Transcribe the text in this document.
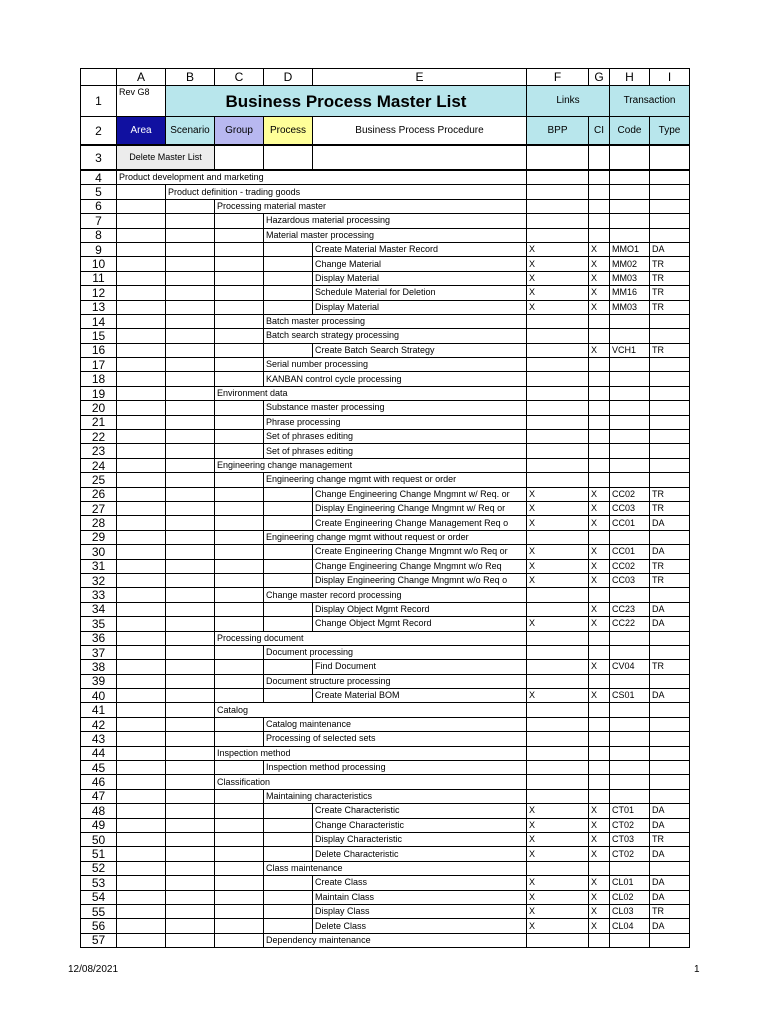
	A	B	C	D	E	F	G	H	I
1	Rev G8	Business Process Master List				Links		Transaction	
2	Area	Scenario	Group	Process	Business Process Procedure	BPP	CI	Code	Type
3	Delete Master List								
4	Product development and marketing								
5		Product definition - trading goods							
6			Processing material master						
7				Hazardous material processing					
8				Material master processing					
9					Create Material Master Record	X	X	MMO1	DA
10					Change Material	X	X	MM02	TR
11					Display Material	X	X	MM03	TR
12					Schedule Material for Deletion	X	X	MM16	TR
13					Display Material	X	X	MM03	TR
14				Batch master processing					
15				Batch search strategy processing					
16					Create Batch Search Strategy		X	VCH1	TR
17				Serial number processing					
18				KANBAN control cycle processing					
19			Environment data						
20				Substance master processing					
21				Phrase processing					
22				Set of phrases editing					
23				Set of phrases editing					
24			Engineering change management						
25				Engineering change mgmt with request or order					
26					Change Engineering Change Mngmnt w/ Req. or	X	X	CC02	TR
27					Display Engineering Change Mngmnt w/ Req or	X	X	CC03	TR
28					Create Engineering Change Management Req o	X	X	CC01	DA
29				Engineering change mgmt without request or order					
30					Create Engineering Change Mngmnt w/o Req or	X	X	CC01	DA
31					Change Engineering Change Mngmnt w/o Req	X	X	CC02	TR
32					Display Engineering Change Mngmnt w/o Req o	X	X	CC03	TR
33				Change master record processing					
34					Display Object Mgmt Record		X	CC23	DA
35					Change Object Mgmt Record	X	X	CC22	DA
36			Processing document						
37				Document processing					
38					Find Document		X	CV04	TR
39				Document structure processing					
40					Create Material BOM	X	X	CS01	DA
41			Catalog						
42				Catalog maintenance					
43				Processing of selected sets					
44			Inspection method						
45				Inspection method processing					
46			Classification						
47				Maintaining characteristics					
48					Create Characteristic	X	X	CT01	DA
49					Change Characteristic	X	X	CT02	DA
50					Display Characteristic	X	X	CT03	TR
51					Delete Characteristic	X	X	CT02	DA
52				Class maintenance					
53					Create Class	X	X	CL01	DA
54					Maintain Class	X	X	CL02	DA
55					Display Class	X	X	CL03	TR
56					Delete Class	X	X	CL04	DA
57				Dependency maintenance					
12/08/2021	1
